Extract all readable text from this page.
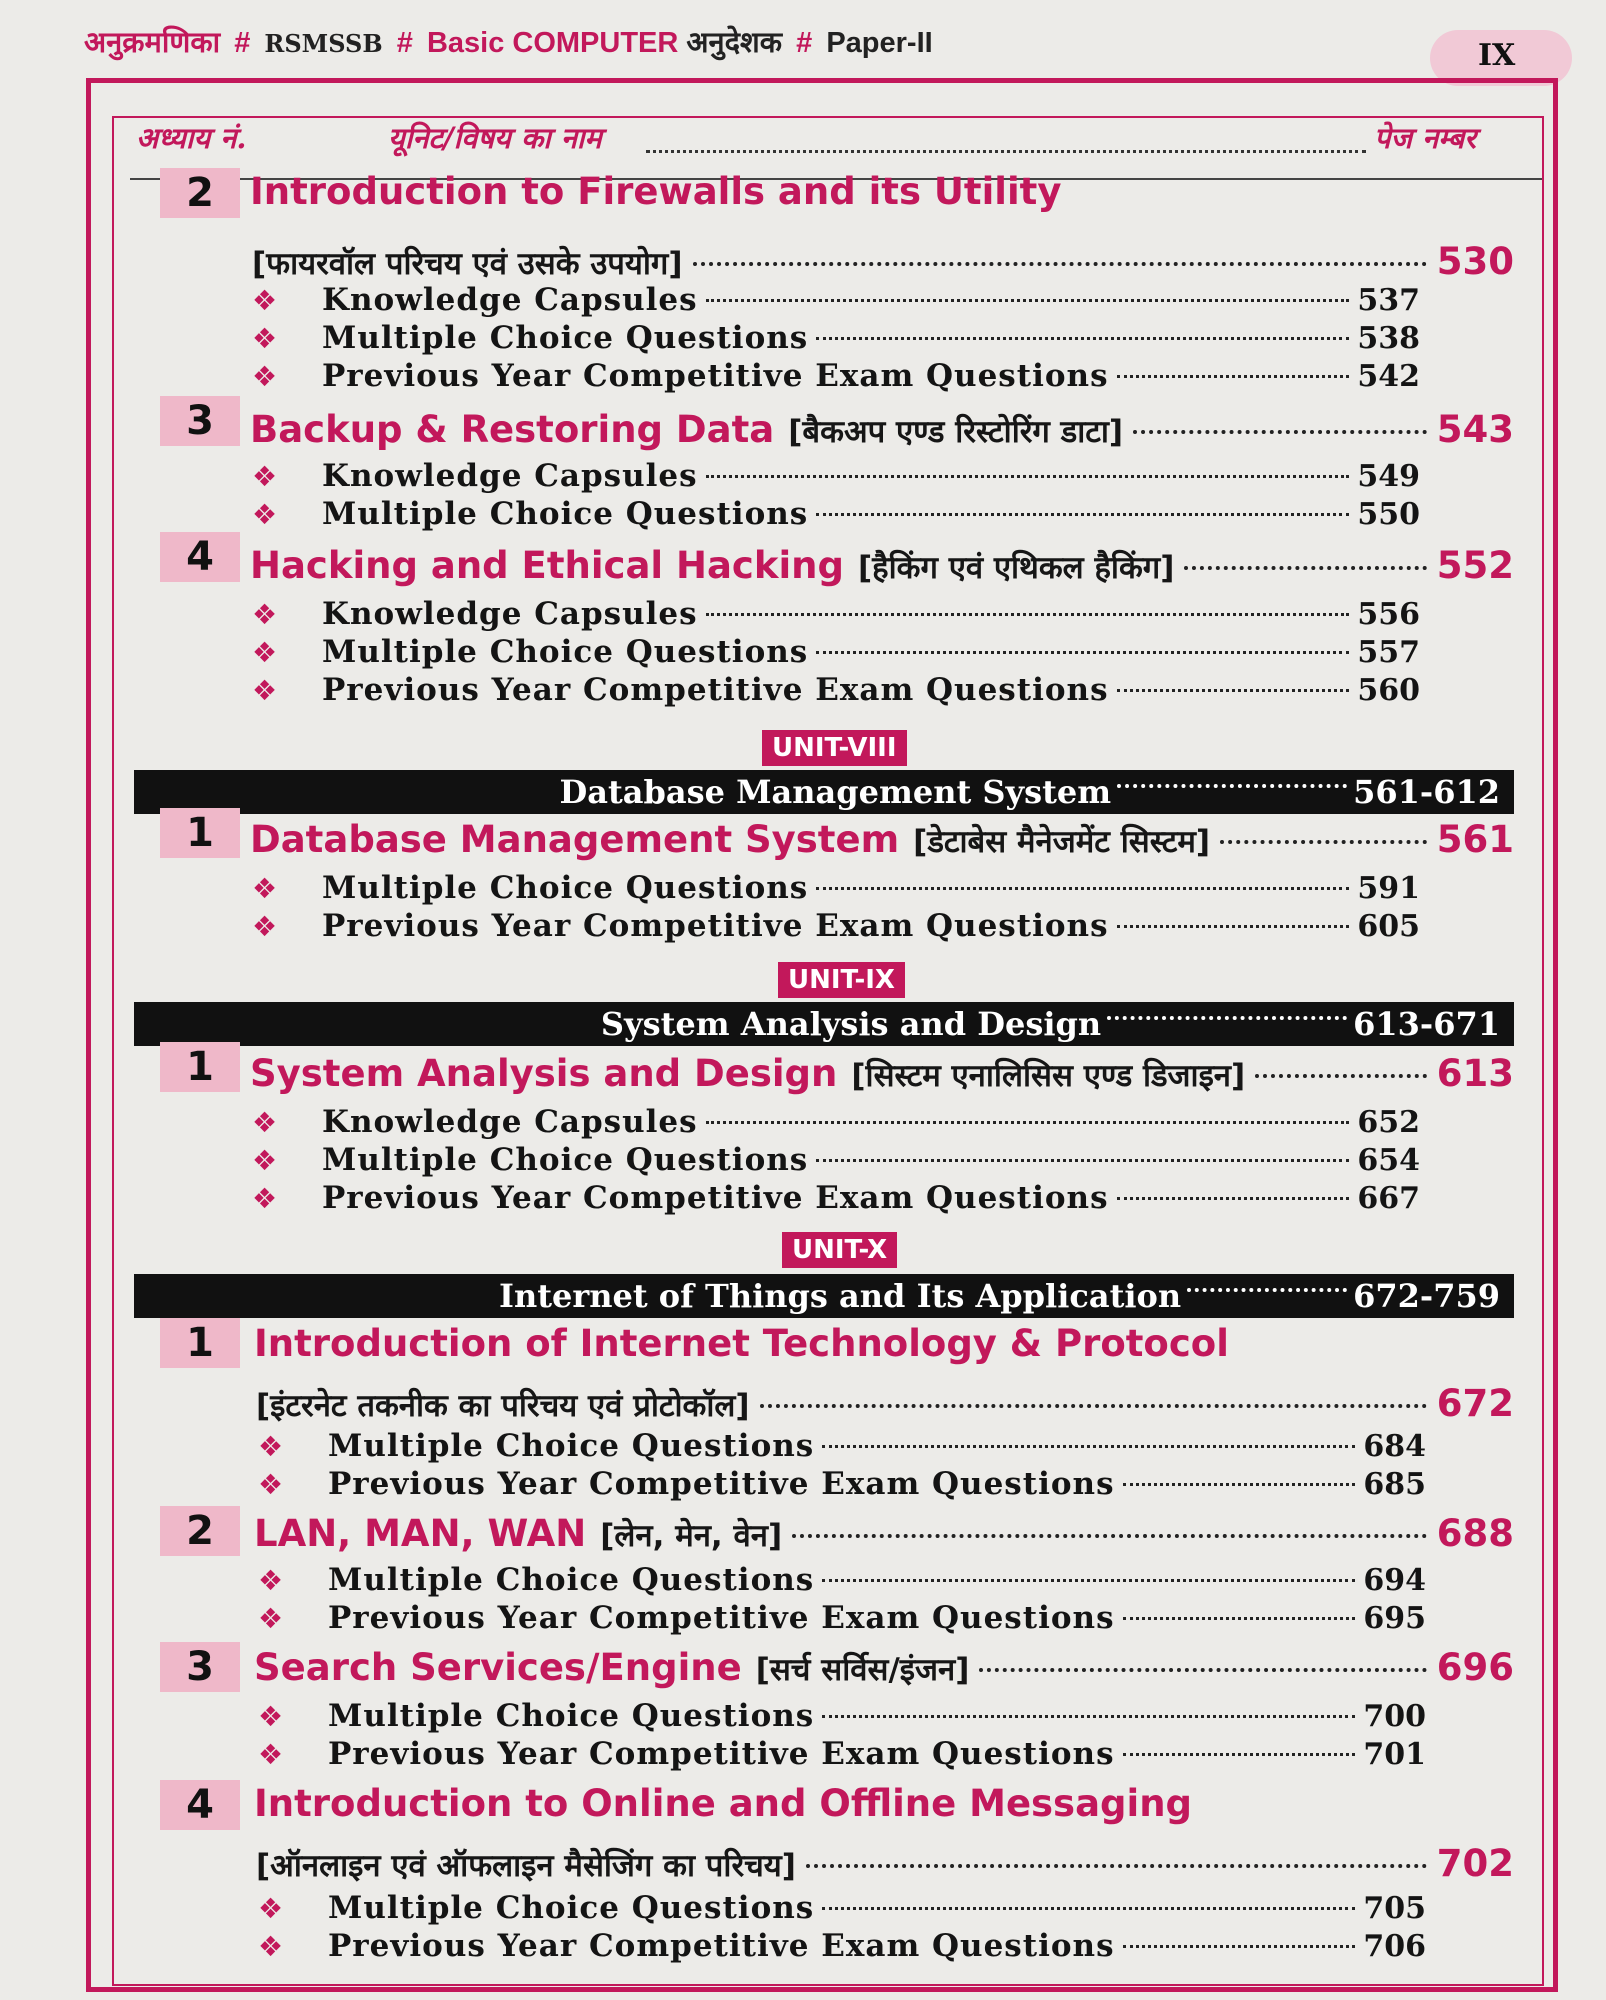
अनुक्रमणिका # RSMSSB # Basic COMPUTER अनुदेशक # Paper-II	IX
अध्याय नं.	यूनिट/विषय का नाम	पेज नम्बर
2 Introduction to Firewalls and its Utility
[फायरवॉल परिचय एवं उसके उपयोग]	530
❖	Knowledge Capsules	537
❖	Multiple Choice Questions	538
❖	Previous Year Competitive Exam Questions	542
3 Backup & Restoring Data [बैकअप एण्ड रिस्टोरिंग डाटा]	543
❖	Knowledge Capsules	549
❖	Multiple Choice Questions	550
4 Hacking and Ethical Hacking [हैकिंग एवं एथिकल हैकिंग]	552
❖	Knowledge Capsules	556
❖	Multiple Choice Questions	557
❖	Previous Year Competitive Exam Questions	560
UNIT-VIII
Database Management System	561-612
1 Database Management System [डेटाबेस मैनेजमेंट सिस्टम]	561
❖	Multiple Choice Questions	591
❖	Previous Year Competitive Exam Questions	605
UNIT-IX
System Analysis and Design	613-671
1 System Analysis and Design [सिस्टम एनालिसिस एण्ड डिजाइन]	613
❖	Knowledge Capsules	652
❖	Multiple Choice Questions	654
❖	Previous Year Competitive Exam Questions	667
UNIT-X
Internet of Things and Its Application	672-759
1	Introduction of Internet Technology & Protocol
[इंटरनेट तकनीक का परिचय एवं प्रोटोकॉल]	672
❖	Multiple Choice Questions	684
❖	Previous Year Competitive Exam Questions	685
2	LAN, MAN, WAN [लेन, मेन, वेन]	688
❖	Multiple Choice Questions	694
❖	Previous Year Competitive Exam Questions	695
3	Search Services/Engine [सर्च सर्विस/इंजन]	696
❖	Multiple Choice Questions	700
❖	Previous Year Competitive Exam Questions	701
4	Introduction to Online and Offline Messaging
[ऑनलाइन एवं ऑफलाइन मैसेजिंग का परिचय]	702
❖	Multiple Choice Questions	705
❖	Previous Year Competitive Exam Questions	706
